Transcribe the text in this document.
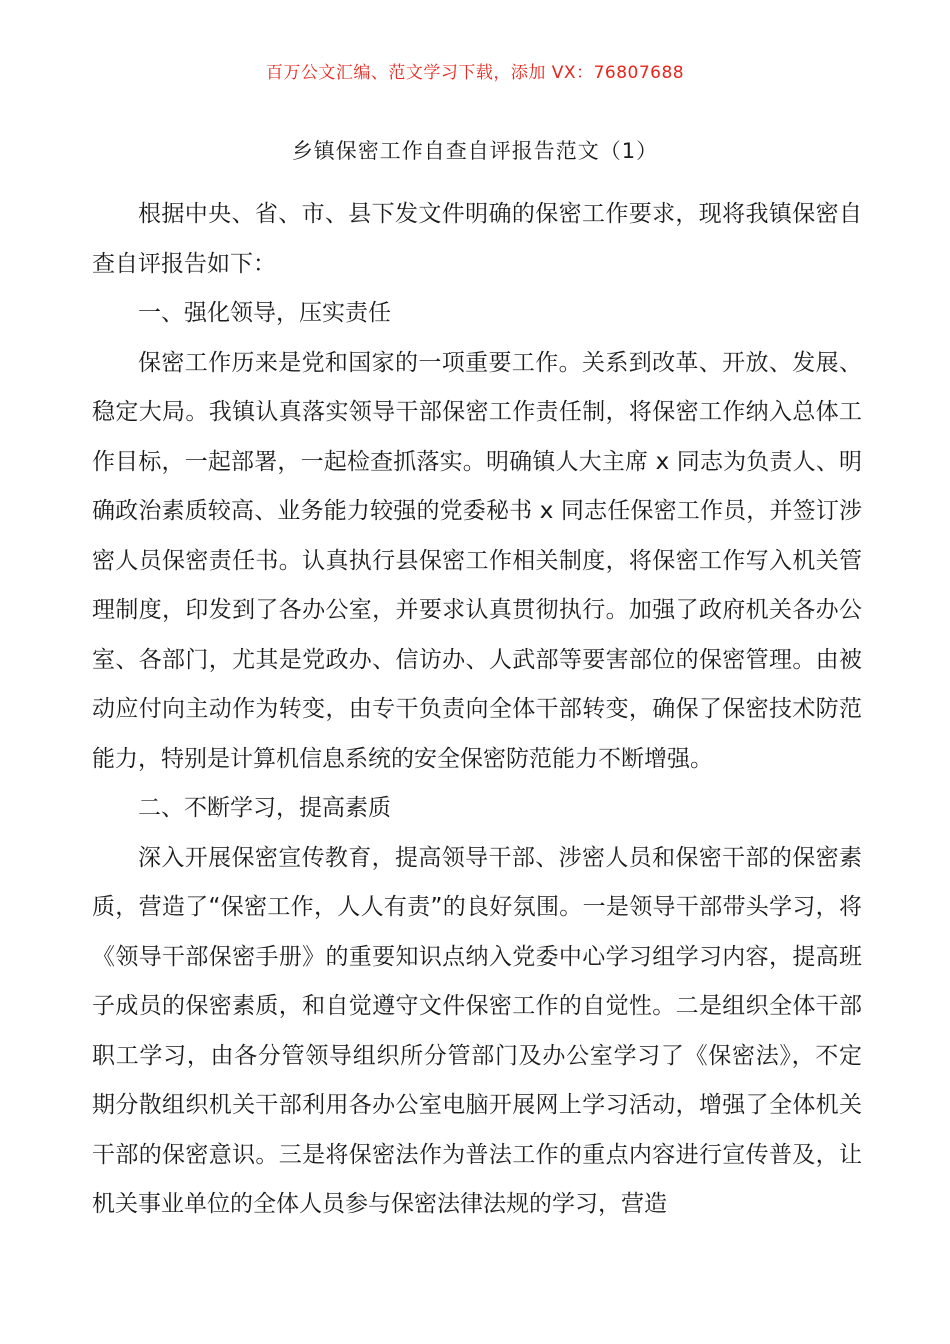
百万公文汇编、范文学习下载，添加 VX：76807688
乡镇保密工作自查自评报告范文（1）

根据中央、省、市、县下发文件明确的保密工作要求，现将我镇保密自查自评报告如下：

一、强化领导，压实责任

保密工作历来是党和国家的一项重要工作。关系到改革、开放、发展、稳定大局。我镇认真落实领导干部保密工作责任制，将保密工作纳入总体工作目标，一起部署，一起检查抓落实。明确镇人大主席 x 同志为负责人、明确政治素质较高、业务能力较强的党委秘书 x 同志任保密工作员，并签订涉密人员保密责任书。认真执行县保密工作相关制度，将保密工作写入机关管理制度，印发到了各办公室，并要求认真贯彻执行。加强了政府机关各办公室、各部门，尤其是党政办、信访办、人武部等要害部位的保密管理。由被动应付向主动作为转变，由专干负责向全体干部转变，确保了保密技术防范能力，特别是计算机信息系统的安全保密防范能力不断增强。

二、不断学习，提高素质

深入开展保密宣传教育，提高领导干部、涉密人员和保密干部的保密素质，营造了“保密工作，人人有责”的良好氛围。一是领导干部带头学习，将《领导干部保密手册》的重要知识点纳入党委中心学习组学习内容，提高班子成员的保密素质，和自觉遵守文件保密工作的自觉性。二是组织全体干部职工学习，由各分管领导组织所分管部门及办公室学习了《保密法》，不定期分散组织机关干部利用各办公室电脑开展网上学习活动，增强了全体机关干部的保密意识。三是将保密法作为普法工作的重点内容进行宣传普及，让机关事业单位的全体人员参与保密法律法规的学习，营造
